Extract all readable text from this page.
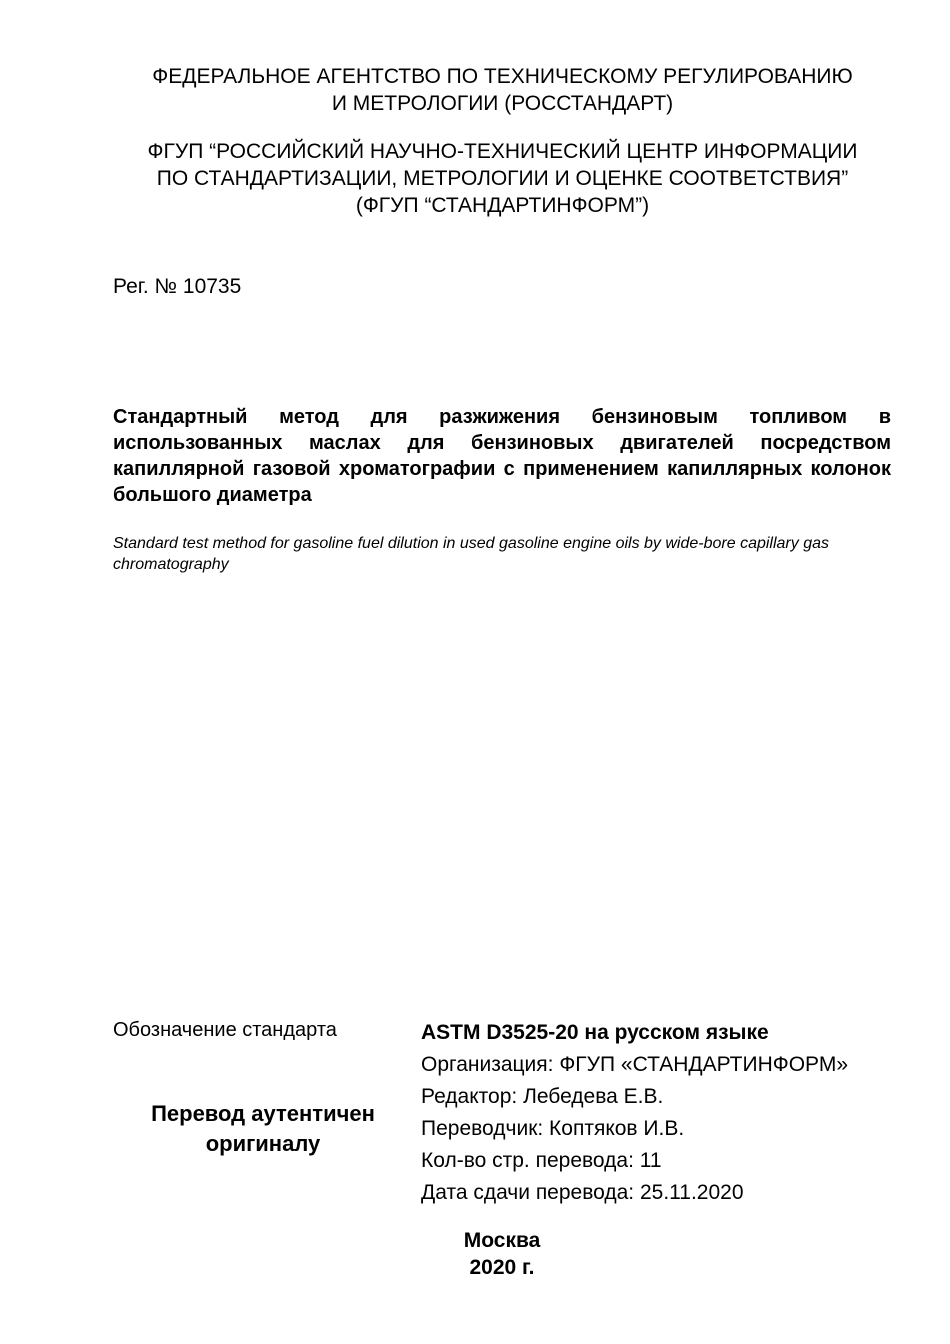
ФЕДЕРАЛЬНОЕ АГЕНТСТВО ПО ТЕХНИЧЕСКОМУ РЕГУЛИРОВАНИЮ
И МЕТРОЛОГИИ (РОССТАНДАРТ)
ФГУП “РОССИЙСКИЙ НАУЧНО-ТЕХНИЧЕСКИЙ ЦЕНТР ИНФОРМАЦИИ
ПО СТАНДАРТИЗАЦИИ, МЕТРОЛОГИИ И ОЦЕНКЕ СООТВЕТСТВИЯ”
(ФГУП “СТАНДАРТИНФОРМ”)
Рег. № 10735
Стандартный метод для разжижения бензиновым топливом в использованных маслах для бензиновых двигателей посредством капиллярной газовой хроматографии с применением капиллярных колонок большого диаметра
Standard test method for gasoline fuel dilution in used gasoline engine oils by wide-bore capillary gas chromatography
Обозначение стандарта
Перевод аутентичен оригиналу
ASTM D3525-20 на русском языке
Организация: ФГУП «СТАНДАРТИНФОРМ»
Редактор: Лебедева Е.В.
Переводчик: Коптяков И.В.
Кол-во стр. перевода: 11
Дата сдачи перевода: 25.11.2020
Москва
2020 г.
